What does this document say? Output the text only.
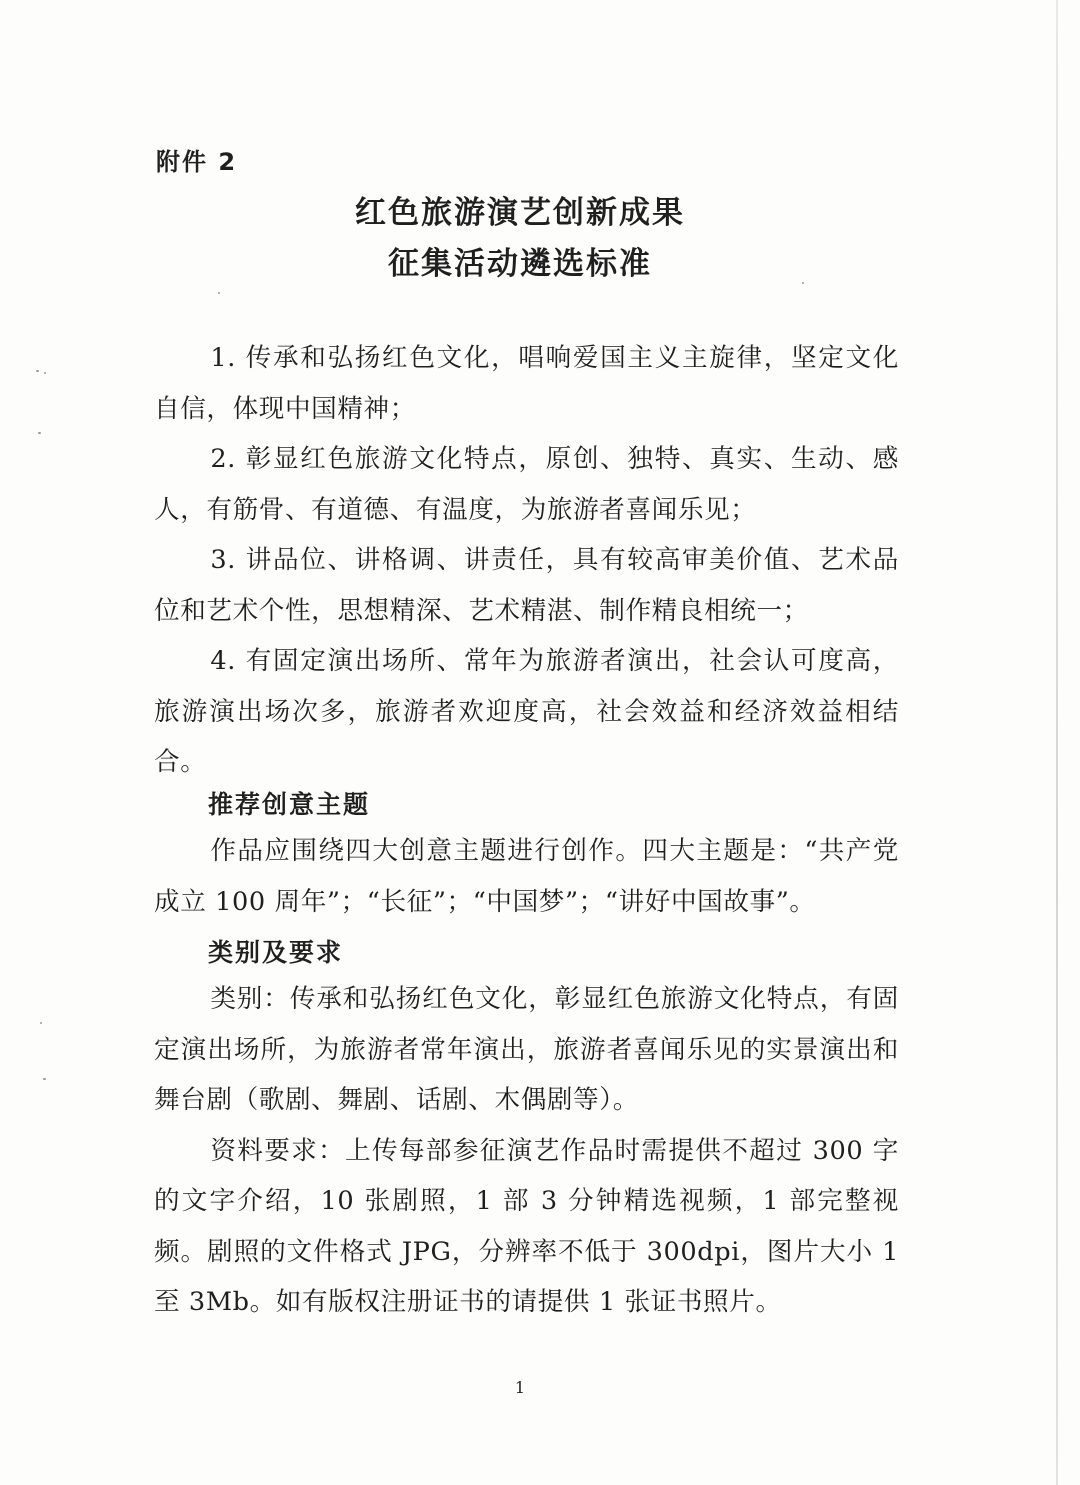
附件 2
红色旅游演艺创新成果
征集活动遴选标准

1. 传承和弘扬红色文化，唱响爱国主义主旋律，坚定文化自信，体现中国精神；

2. 彰显红色旅游文化特点，原创、独特、真实、生动、感人，有筋骨、有道德、有温度，为旅游者喜闻乐见；

3. 讲品位、讲格调、讲责任，具有较高审美价值、艺术品位和艺术个性，思想精深、艺术精湛、制作精良相统一；

4. 有固定演出场所、常年为旅游者演出，社会认可度高，旅游演出场次多，旅游者欢迎度高，社会效益和经济效益相结合。

推荐创意主题

作品应围绕四大创意主题进行创作。四大主题是：“共产党成立 100 周年”；“长征”；“中国梦”；“讲好中国故事”。

类别及要求

类别：传承和弘扬红色文化，彰显红色旅游文化特点，有固定演出场所，为旅游者常年演出，旅游者喜闻乐见的实景演出和舞台剧（歌剧、舞剧、话剧、木偶剧等）。

资料要求：上传每部参征演艺作品时需提供不超过 300 字的文字介绍，10 张剧照，1 部 3 分钟精选视频，1 部完整视频。剧照的文件格式 JPG，分辨率不低于 300dpi，图片大小 1 至 3Mb。如有版权注册证书的请提供 1 张证书照片。

1
